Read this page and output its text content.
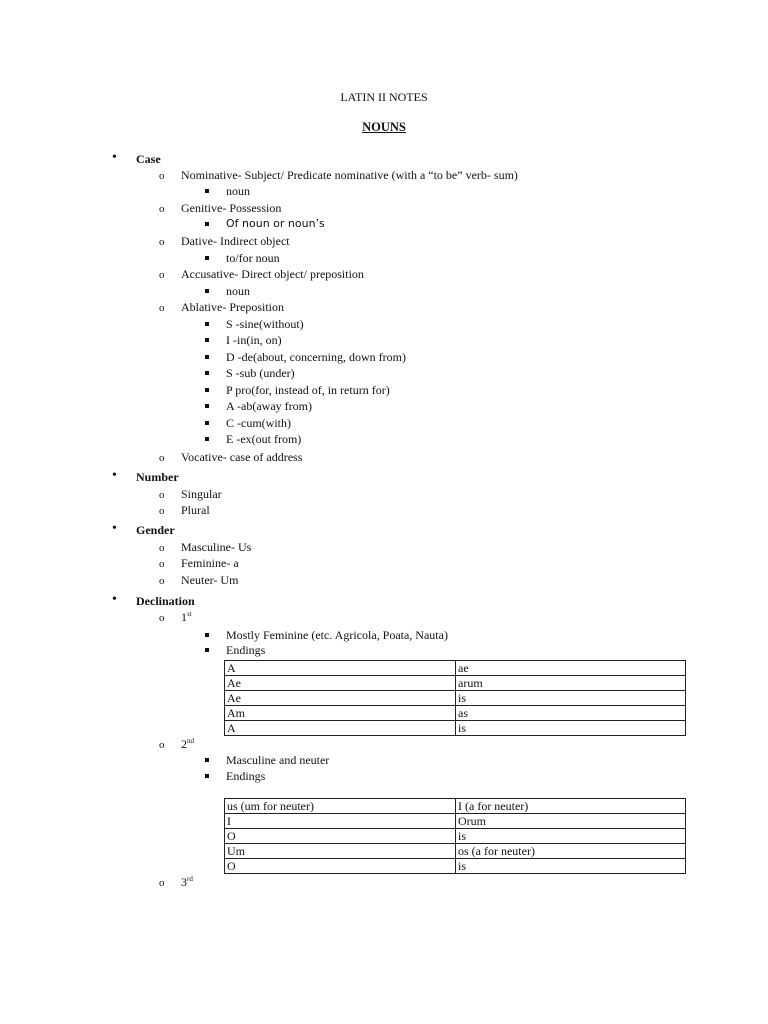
LATIN II NOTES
NOUNS
• Case
o Nominative- Subject/ Predicate nominative (with a “to be” verb- sum)
noun
o Genitive- Possession
Of noun or noun’s
o Dative- Indirect object
to/for noun
o Accusative- Direct object/ preposition
noun
o Ablative- Preposition
S -sine(without)
I -in(in, on)
D -de(about, concerning, down from)
S -sub (under)
P pro(for, instead of, in return for)
A -ab(away from)
C -cum(with)
E -ex(out from)
o Vocative- case of address
• Number
o Singular
o Plural
• Gender
o Masculine- Us
o Feminine- a
o Neuter- Um
• Declination
o 1st
Mostly Feminine (etc. Agricola, Poata, Nauta)
Endings
A	ae
Ae	arum
Ae	is
Am	as
A	is
o 2nd
Masculine and neuter
Endings
us (um for neuter)	I (a for neuter)
I	Orum
O	is
Um	os (a for neuter)
O	is
o 3rd
